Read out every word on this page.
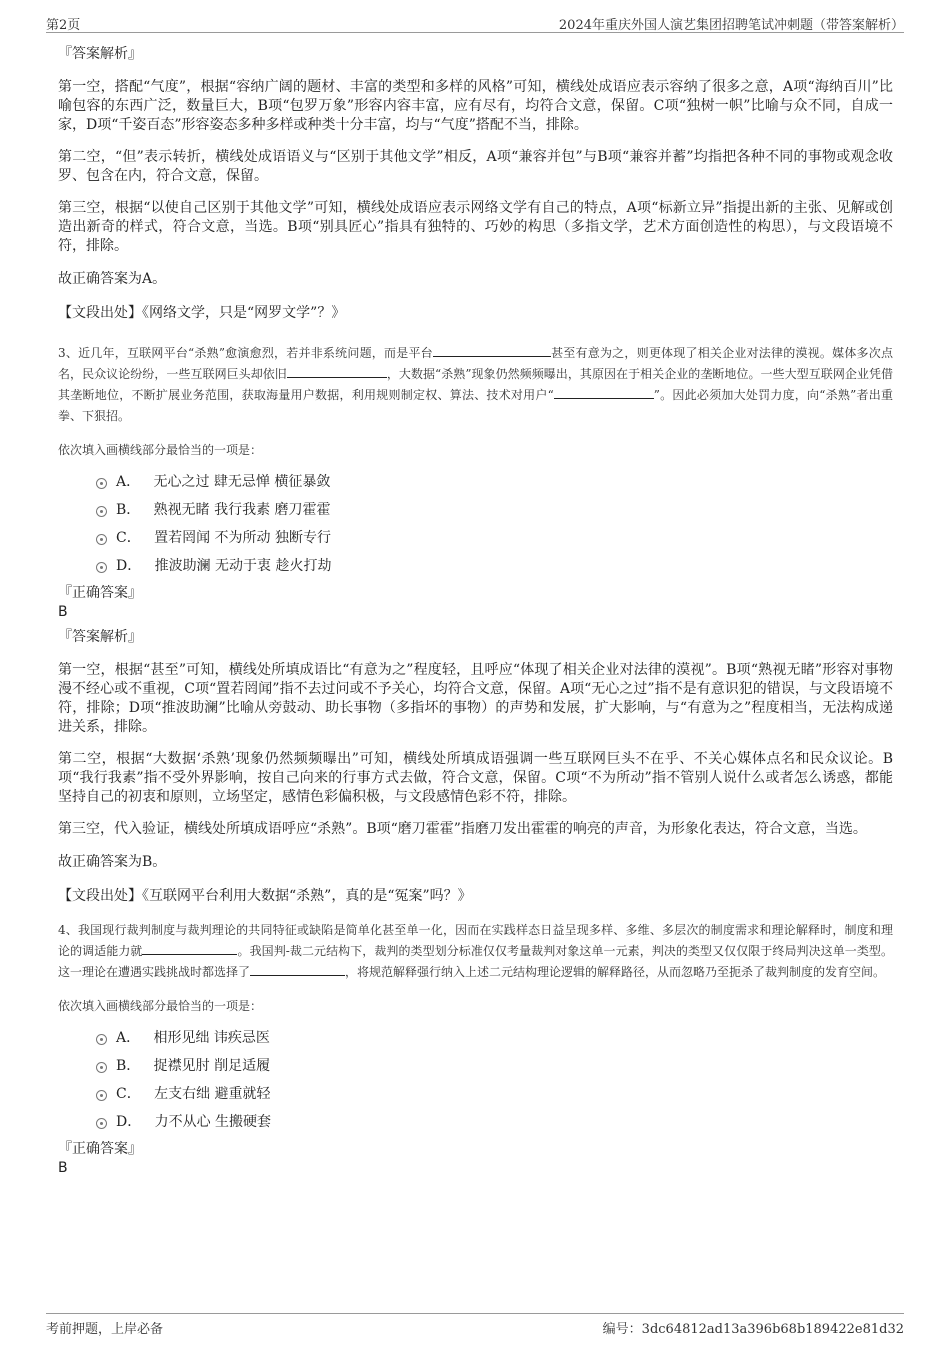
第2页	2024年重庆外国人演艺集团招聘笔试冲刺题（带答案解析）

『答案解析』

第一空，搭配“气度”，根据“容纳广阔的题材、丰富的类型和多样的风格”可知，横线处成语应表示容纳了很多之意，A项“海纳百川”比喻包容的东西广泛，数量巨大，B项“包罗万象”形容内容丰富，应有尽有，均符合文意，保留。C项“独树一帜”比喻与众不同，自成一家，D项“千姿百态”形容姿态多种多样或种类十分丰富，均与“气度”搭配不当，排除。

第二空，“但”表示转折，横线处成语语义与“区别于其他文学”相反，A项“兼容并包”与B项“兼容并蓄”均指把各种不同的事物或观念收罗、包含在内，符合文意，保留。

第三空，根据“以使自己区别于其他文学”可知，横线处成语应表示网络文学有自己的特点，A项“标新立异”指提出新的主张、见解或创造出新奇的样式，符合文意，当选。B项“别具匠心”指具有独特的、巧妙的构思（多指文学，艺术方面创造性的构思），与文段语境不符，排除。

故正确答案为A。

【文段出处】《网络文学，只是“网罗文学”？》

3、近几年，互联网平台“杀熟”愈演愈烈，若并非系统问题，而是平台	甚至有意为之，则更体现了相关企业对法律的漠视。媒体多次点名，民众议论纷纷，一些互联网巨头却依旧	，大数据“杀熟”现象仍然频频曝出，其原因在于相关企业的垄断地位。一些大型互联网企业凭借其垄断地位，不断扩展业务范围，获取海量用户数据，利用规则制定权、算法、技术对用户“	”。因此必须加大处罚力度，向“杀熟”者出重拳、下狠招。

依次填入画横线部分最恰当的一项是：

A． 无心之过 肆无忌惮 横征暴敛
B． 熟视无睹 我行我素 磨刀霍霍
C． 置若罔闻 不为所动 独断专行
D． 推波助澜 无动于衷 趁火打劫

『正确答案』

B

『答案解析』

第一空，根据“甚至”可知，横线处所填成语比“有意为之”程度轻，且呼应“体现了相关企业对法律的漠视”。B项“熟视无睹”形容对事物漫不经心或不重视，C项“置若罔闻”指不去过问或不予关心，均符合文意，保留。A项“无心之过”指不是有意识犯的错误，与文段语境不符，排除；D项“推波助澜”比喻从旁鼓动、助长事物（多指坏的事物）的声势和发展，扩大影响，与“有意为之”程度相当，无法构成递进关系，排除。

第二空，根据“大数据‘杀熟’现象仍然频频曝出”可知，横线处所填成语强调一些互联网巨头不在乎、不关心媒体点名和民众议论。B项“我行我素”指不受外界影响，按自己向来的行事方式去做，符合文意，保留。C项“不为所动”指不管别人说什么或者怎么诱惑，都能坚持自己的初衷和原则，立场坚定，感情色彩偏积极，与文段感情色彩不符，排除。

第三空，代入验证，横线处所填成语呼应“杀熟”。B项“磨刀霍霍”指磨刀发出霍霍的响亮的声音，为形象化表达，符合文意，当选。

故正确答案为B。

【文段出处】《互联网平台利用大数据“杀熟”，真的是“冤案”吗？》

4、我国现行裁判制度与裁判理论的共同特征或缺陷是简单化甚至单一化，因而在实践样态日益呈现多样、多维、多层次的制度需求和理论解释时，制度和理论的调适能力就	。我国判-裁二元结构下，裁判的类型划分标准仅仅考量裁判对象这单一元素，判决的类型又仅仅限于终局判决这单一类型。这一理论在遭遇实践挑战时都选择了	，将规范解释强行纳入上述二元结构理论逻辑的解释路径，从而忽略乃至扼杀了裁判制度的发育空间。

依次填入画横线部分最恰当的一项是：

A． 相形见绌 讳疾忌医
B． 捉襟见肘 削足适履
C． 左支右绌 避重就轻
D． 力不从心 生搬硬套

『正确答案』

B

考前押题，上岸必备	编号：3dc64812ad13a396b68b189422e81d32
